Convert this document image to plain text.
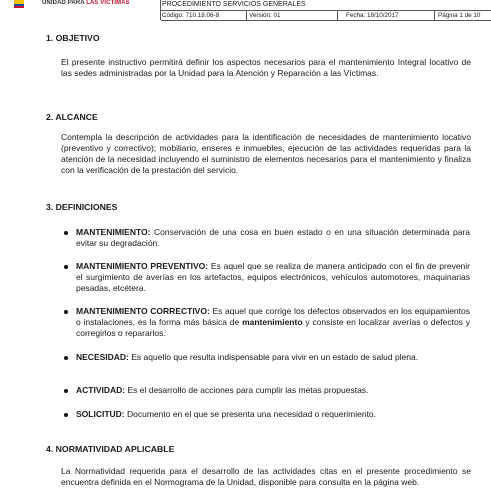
UNIDAD PARA LAS VÍCTIMAS	PROCEDIMIENTO SERVICIOS GENERALES
Código: 710.18.06-8	Versión: 01	Fecha: 18/10/2017	Página 1 de 10
1. OBJETIVO
El presente instructivo permitirá definir los aspectos necesarios para el mantenimiento Integral locativo de las sedes administradas por la Unidad para la Atención y Reparación a las Víctimas.
2. ALCANCE
Contempla la descripción de actividades para la identificación de necesidades de mantenimiento locativo (preventivo y correctivo); mobiliario, enseres e inmuebles, ejecución de las actividades requeridas para la atención de la necesidad incluyendo el suministro de elementos necesarios para el mantenimiento y finaliza con la verificación de la prestación del servicio.
3. DEFINICIONES
MANTENIMIENTO: Conservación de una cosa en buen estado o en una situación determinada para evitar su degradación.
MANTENIMIENTO PREVENTIVO: Es aquel que se realiza de manera anticipado con el fin de prevenir el surgimiento de averías en los artefactos, equipos electrónicos, vehículos automotores, maquinarias pesadas, etcétera.
MANTENIMIENTO CORRECTIVO: Es aquel que corrige los defectos observados en los equipamientos o instalaciones, es la forma más básica de mantenimiento y consiste en localizar averías o defectos y corregirlos o repararlos.
NECESIDAD: Es aquello que resulta indispensable para vivir en un estado de salud plena.
ACTIVIDAD: Es el desarrollo de acciones para cumplir las metas propuestas.
SOLICITUD: Documento en el que se presenta una necesidad o requerimiento.
4. NORMATIVIDAD APLICABLE
La Normatividad requerida para el desarrollo de las actividades citas en el presente procedimiento se encuentra definida en el Normograma de la Unidad, disponible para consulta en la página web.
